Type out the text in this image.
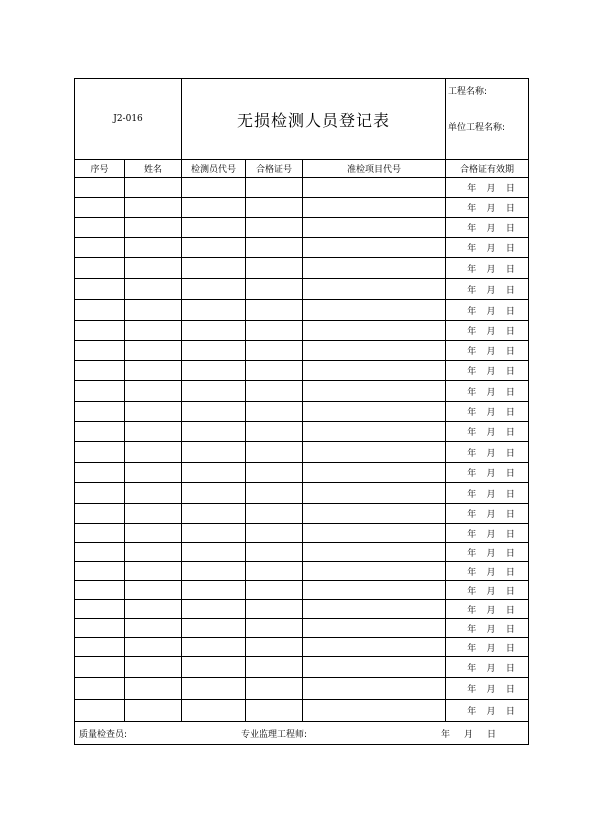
J2-016		无损检测人员登记表			工程名称:
单位工程名称:

序号	姓名	检测员代号	合格证号	准检项目代号	合格证有效期

					年 月 日

					年 月 日

					年 月 日

					年 月 日

					年 月 日

					年 月 日

					年 月 日

					年 月 日

					年 月 日

					年 月 日

					年 月 日

					年 月 日

					年 月 日

					年 月 日

					年 月 日

					年 月 日

					年 月 日

					年 月 日

					年 月 日

					年 月 日

					年 月 日

					年 月 日

					年 月 日

					年 月 日

					年 月 日

					年 月 日

					年 月 日

质量检查员: 专业监理工程师: 年 月 日					
